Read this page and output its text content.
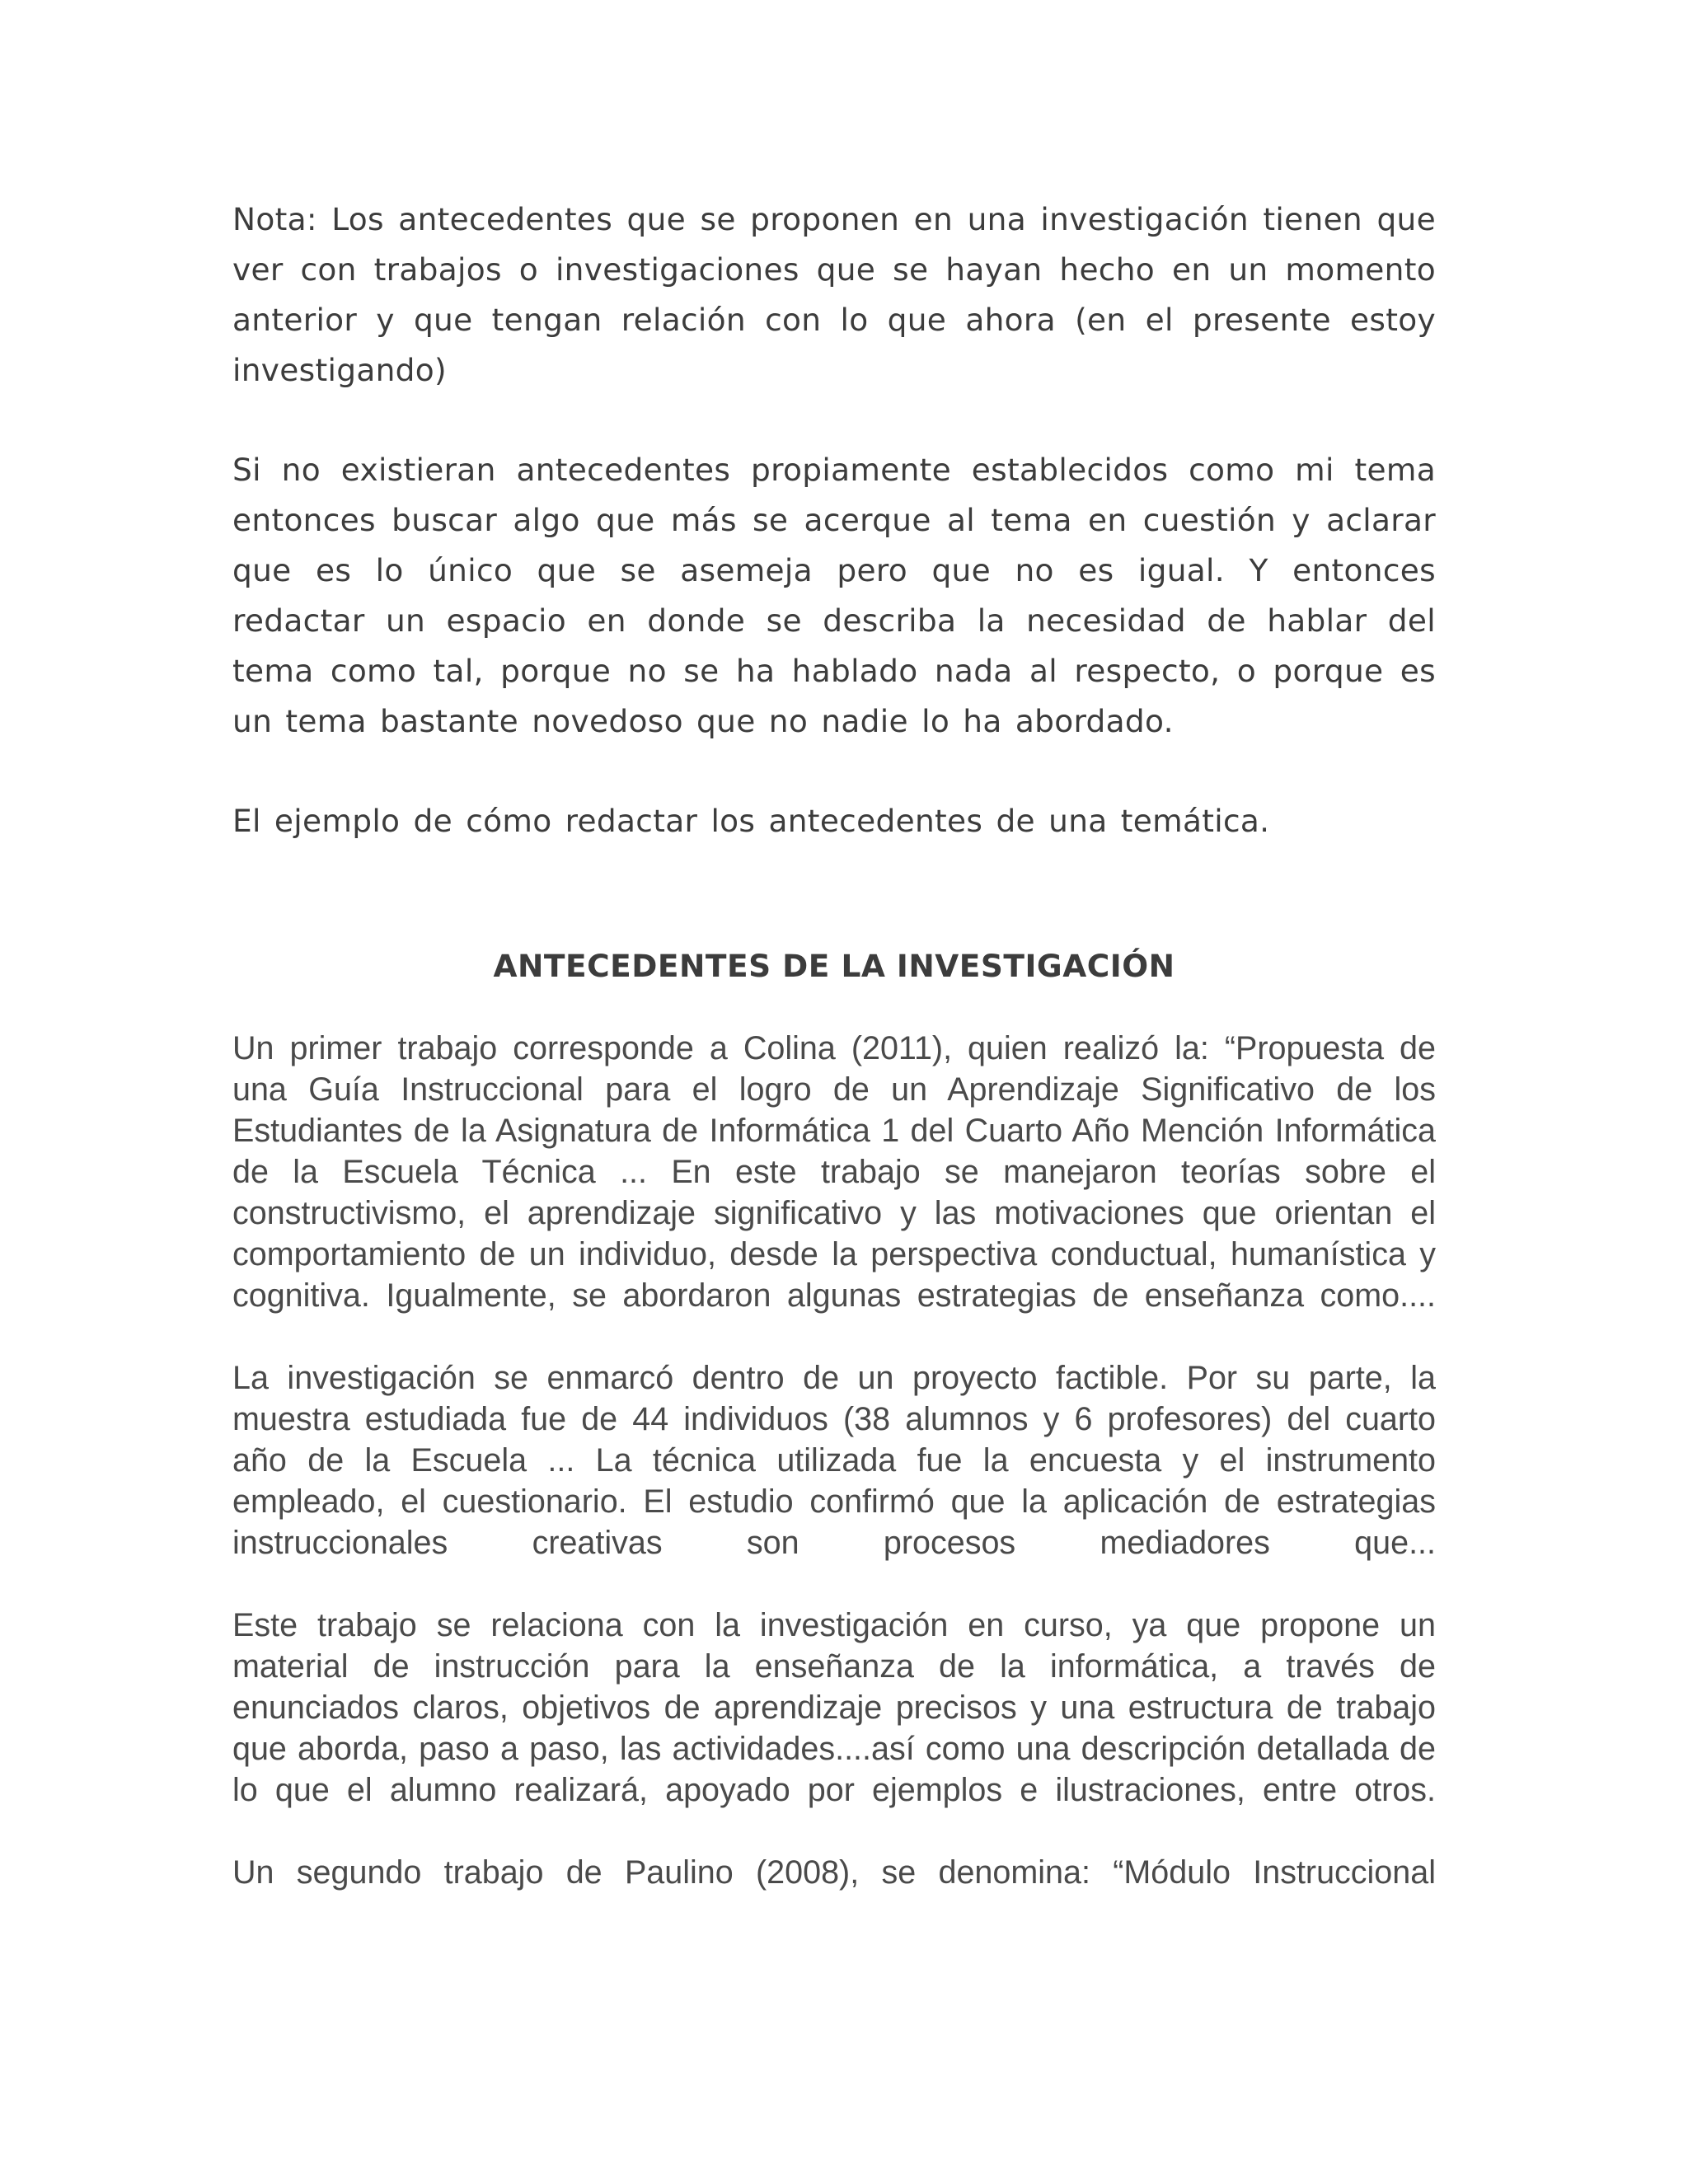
Nota: Los antecedentes que se proponen en una investigación tienen que ver con trabajos o investigaciones que se hayan hecho en un momento anterior y que tengan relación con lo que ahora (en el presente estoy investigando)

Si no existieran antecedentes propiamente establecidos como mi tema entonces buscar algo que más se acerque al tema en cuestión y aclarar que es lo único que se asemeja pero que no es igual. Y entonces redactar un espacio en donde se describa la necesidad de hablar del tema como tal, porque no se ha hablado nada al respecto, o porque es un tema bastante novedoso que no nadie lo ha abordado.

El ejemplo de cómo redactar los antecedentes de una temática.

ANTECEDENTES DE LA INVESTIGACIÓN

Un primer trabajo corresponde a Colina (2011), quien realizó la: “Propuesta de una Guía Instruccional para el logro de un Aprendizaje Significativo de los Estudiantes de la Asignatura de Informática 1 del Cuarto Año Mención Informática de la Escuela Técnica ... En este trabajo se manejaron teorías sobre el constructivismo, el aprendizaje significativo y las motivaciones que orientan el comportamiento de un individuo, desde la perspectiva conductual, humanística y cognitiva. Igualmente, se abordaron algunas estrategias de enseñanza como....

La investigación se enmarcó dentro de un proyecto factible. Por su parte, la muestra estudiada fue de 44 individuos (38 alumnos y 6 profesores) del cuarto año de la Escuela ... La técnica utilizada fue la encuesta y el instrumento empleado, el cuestionario. El estudio confirmó que la aplicación de estrategias instruccionales creativas son procesos mediadores que...

Este trabajo se relaciona con la investigación en curso, ya que propone un material de instrucción para la enseñanza de la informática, a través de enunciados claros, objetivos de aprendizaje precisos y una estructura de trabajo que aborda, paso a paso, las actividades....así como una descripción detallada de lo que el alumno realizará, apoyado por ejemplos e ilustraciones, entre otros.

Un segundo trabajo de Paulino (2008), se denomina: “Módulo Instruccional
